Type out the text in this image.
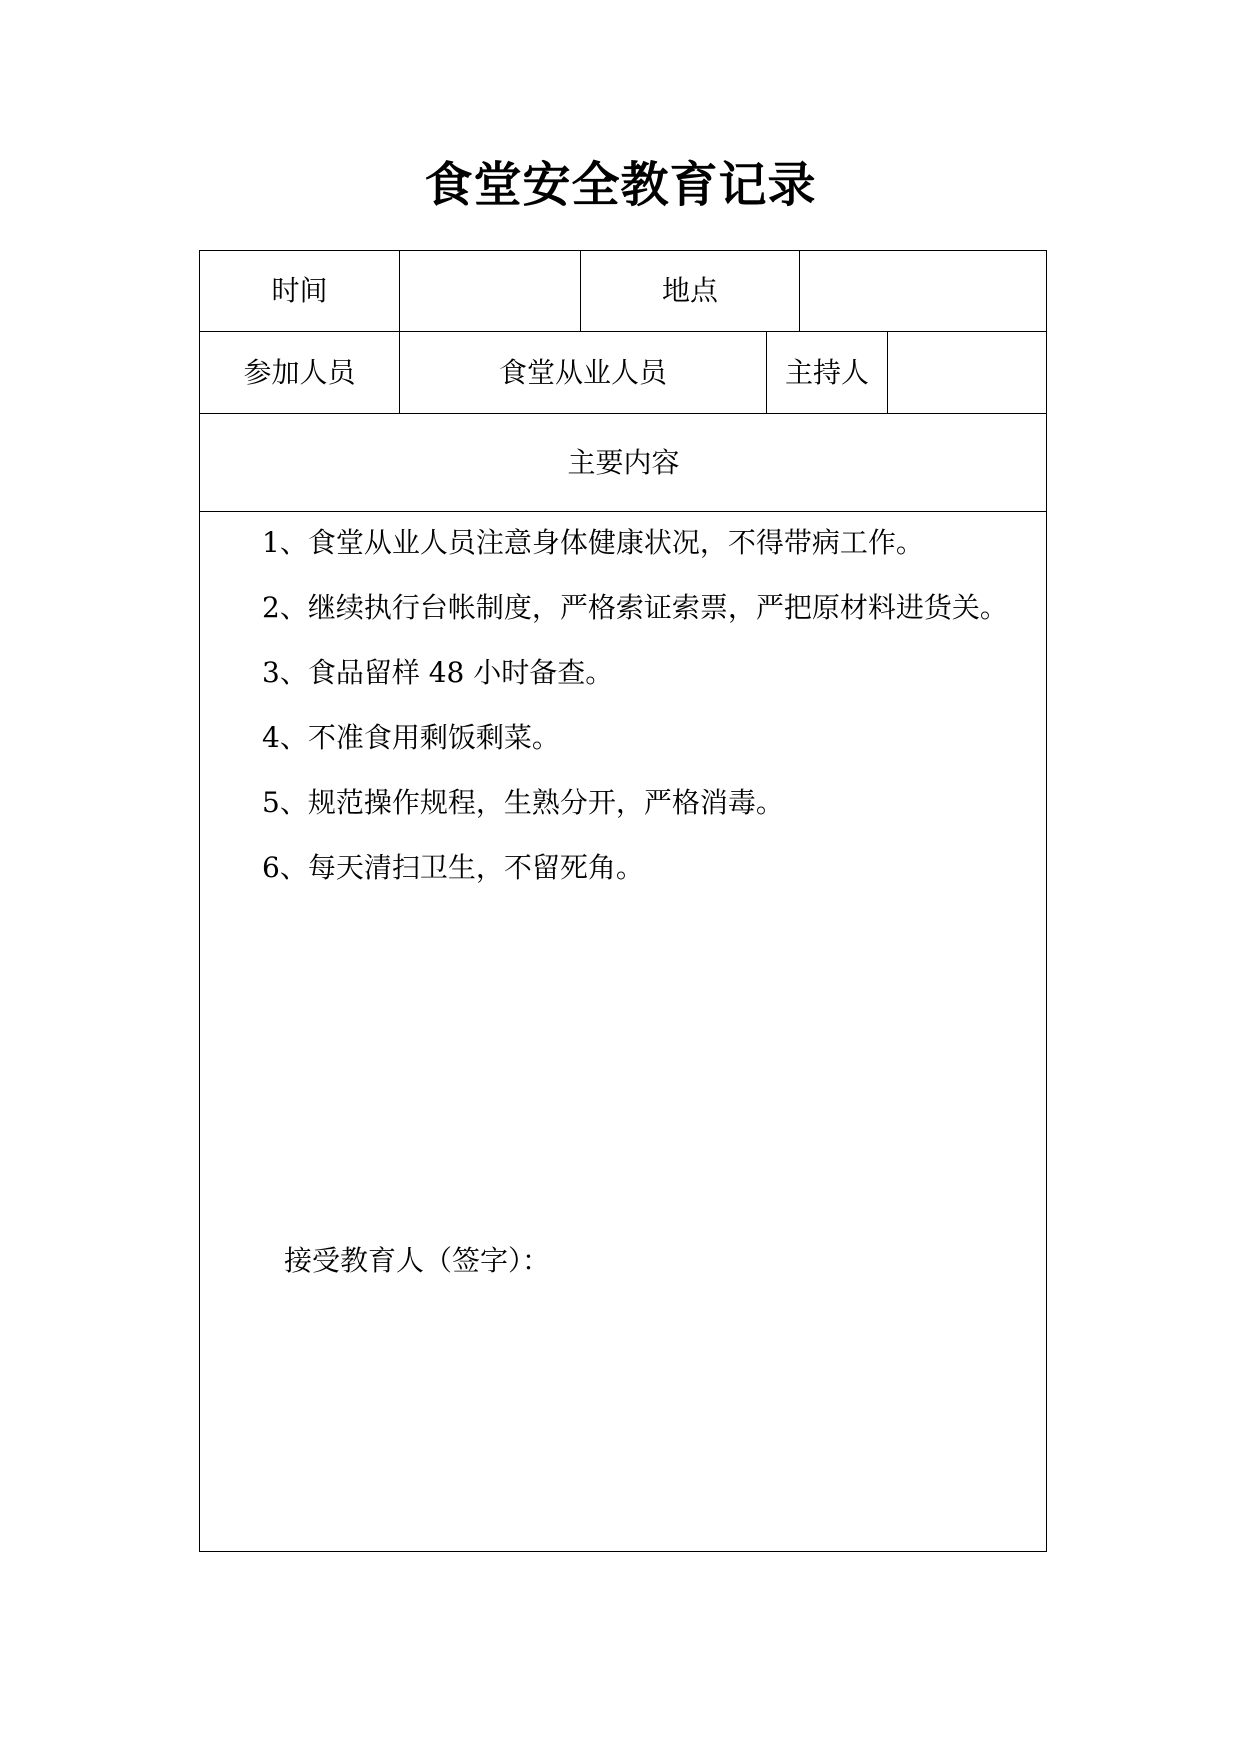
食堂安全教育记录
时间	地点
参加人员	食堂从业人员	主持人
主要内容
1、食堂从业人员注意身体健康状况，不得带病工作。
2、继续执行台帐制度，严格索证索票，严把原材料进货关。
3、食品留样 48 小时备查。
4、不准食用剩饭剩菜。
5、规范操作规程，生熟分开，严格消毒。
6、每天清扫卫生，不留死角。
接受教育人（签字）：
